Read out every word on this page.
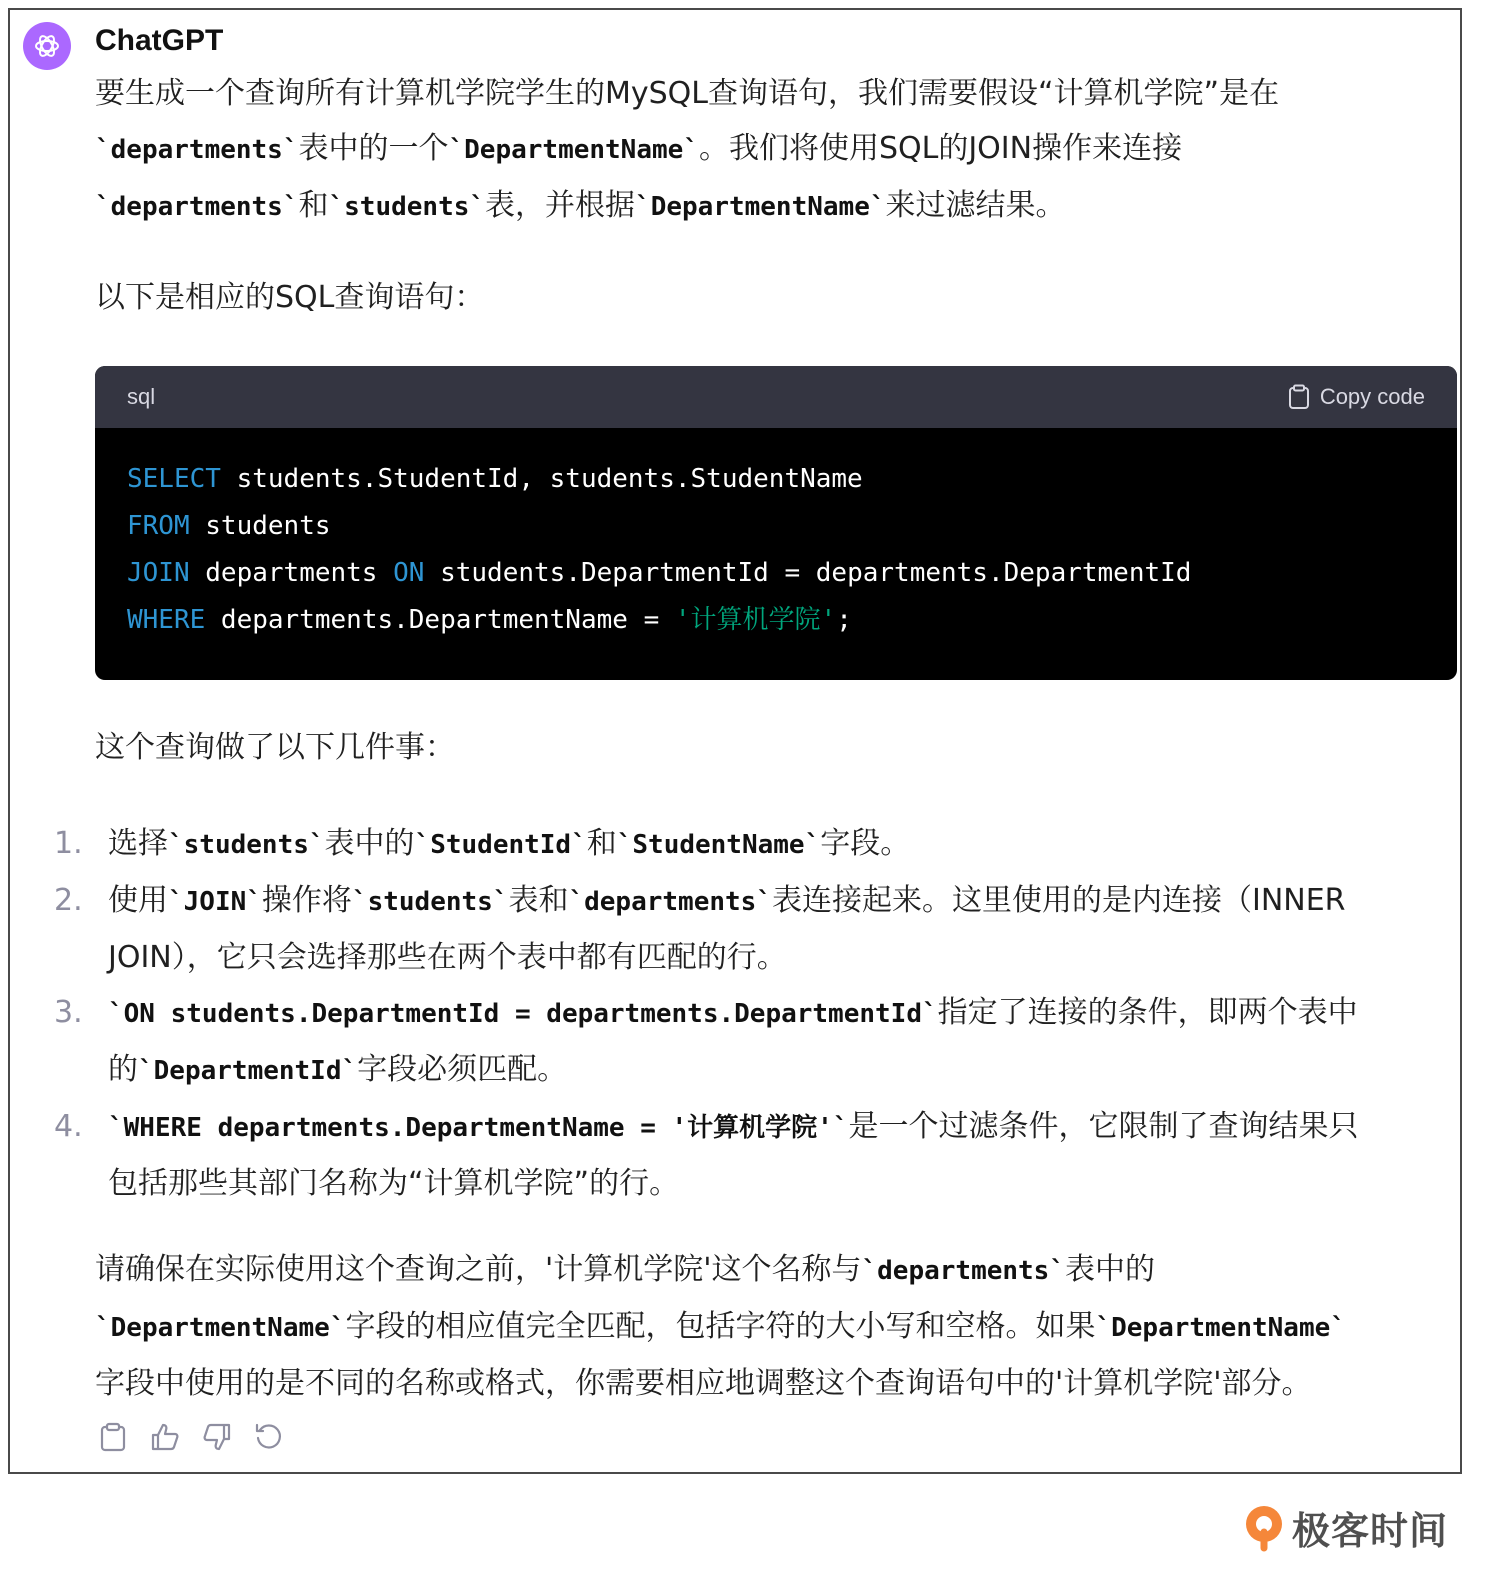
ChatGPT

要生成一个查询所有计算机学院学生的MySQL查询语句，我们需要假设“计算机学院”是在

`departments`表中的一个`DepartmentName`。我们将使用SQL的JOIN操作来连接

`departments`和`students`表，并根据`DepartmentName`来过滤结果。

以下是相应的SQL查询语句：

sql	Copy code
SELECT students.StudentId, students.StudentName
FROM students
JOIN departments ON students.DepartmentId = departments.DepartmentId
WHERE departments.DepartmentName = '计算机学院';

这个查询做了以下几件事：

1. 选择`students`表中的`StudentId`和`StudentName`字段。
2. 使用`JOIN`操作将`students`表和`departments`表连接起来。这里使用的是内连接（INNER
JOIN），它只会选择那些在两个表中都有匹配的行。
3. `ON students.DepartmentId = departments.DepartmentId`指定了连接的条件，即两个表中
的`DepartmentId`字段必须匹配。
4. `WHERE departments.DepartmentName = '计算机学院'`是一个过滤条件，它限制了查询结果只
包括那些其部门名称为“计算机学院”的行。

请确保在实际使用这个查询之前，'计算机学院'这个名称与`departments`表中的

`DepartmentName`字段的相应值完全匹配，包括字符的大小写和空格。如果`DepartmentName`

字段中使用的是不同的名称或格式，你需要相应地调整这个查询语句中的'计算机学院'部分。

极客时间
